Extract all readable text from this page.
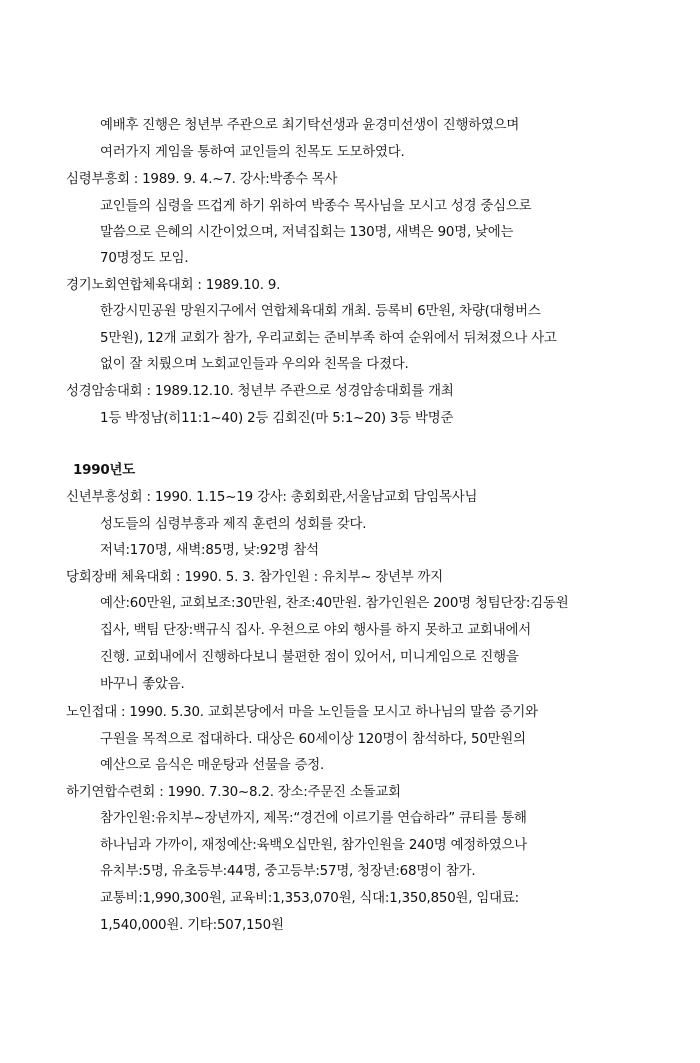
예배후 진행은 청년부 주관으로 최기탁선생과 윤경미선생이 진행하였으며
여러가지 게임을 통하여 교인들의 친목도 도모하였다.
심령부흥회 : 1989. 9. 4.~7. 강사:박종수 목사
교인들의 심령을 뜨겁게 하기 위하여 박종수 목사님을 모시고 성경 중심으로
말씀으로 은혜의 시간이었으며, 저녁집회는 130명, 새벽은 90명, 낮에는
70명정도 모임.
경기노회연합체육대회 : 1989.10. 9.
한강시민공원 망원지구에서 연합체육대회 개최. 등록비 6만원, 차량(대형버스
5만원), 12개 교회가 참가, 우리교회는 준비부족 하여 순위에서 뒤쳐졌으나 사고
없이 잘 치뤘으며 노회교인들과 우의와 친목을 다졌다.
성경암송대회 : 1989.12.10. 청년부 주관으로 성경암송대회를 개최
1등 박정남(히11:1~40) 2등 김회진(마 5:1~20) 3등 박명준
1990년도
신년부흥성회 : 1990. 1.15~19 강사: 총회회관,서울남교회 담임목사님
성도들의 심령부흥과 제직 훈련의 성회를 갖다.
저녁:170명, 새벽:85명, 낮:92명 참석
당회장배 체육대회 : 1990. 5. 3. 참가인원 : 유치부~ 장년부 까지
예산:60만원, 교회보조:30만원, 찬조:40만원. 참가인원은 200명 청팀단장:김동원
집사, 백팀 단장:백규식 집사. 우천으로 야외 행사를 하지 못하고 교회내에서
진행. 교회내에서 진행하다보니 불편한 점이 있어서, 미니게임으로 진행을
바꾸니 좋았음.
노인접대 : 1990. 5.30. 교회본당에서 마을 노인들을 모시고 하나님의 말씀 증기와
구원을 목적으로 접대하다. 대상은 60세이상 120명이 참석하다, 50만원의
예산으로 음식은 매운탕과 선물을 증정.
하기연합수련회 : 1990. 7.30~8.2. 장소:주문진 소돌교회
참가인원:유치부~장년까지, 제목:“경건에 이르기를 연습하라” 큐티를 통해
하나님과 가까이, 재정예산:육백오십만원, 참가인원을 240명 예정하였으나
유치부:5명, 유초등부:44명, 중고등부:57명, 청장년:68명이 참가.
교통비:1,990,300원, 교육비:1,353,070원, 식대:1,350,850원, 임대료:
1,540,000원. 기타:507,150원
